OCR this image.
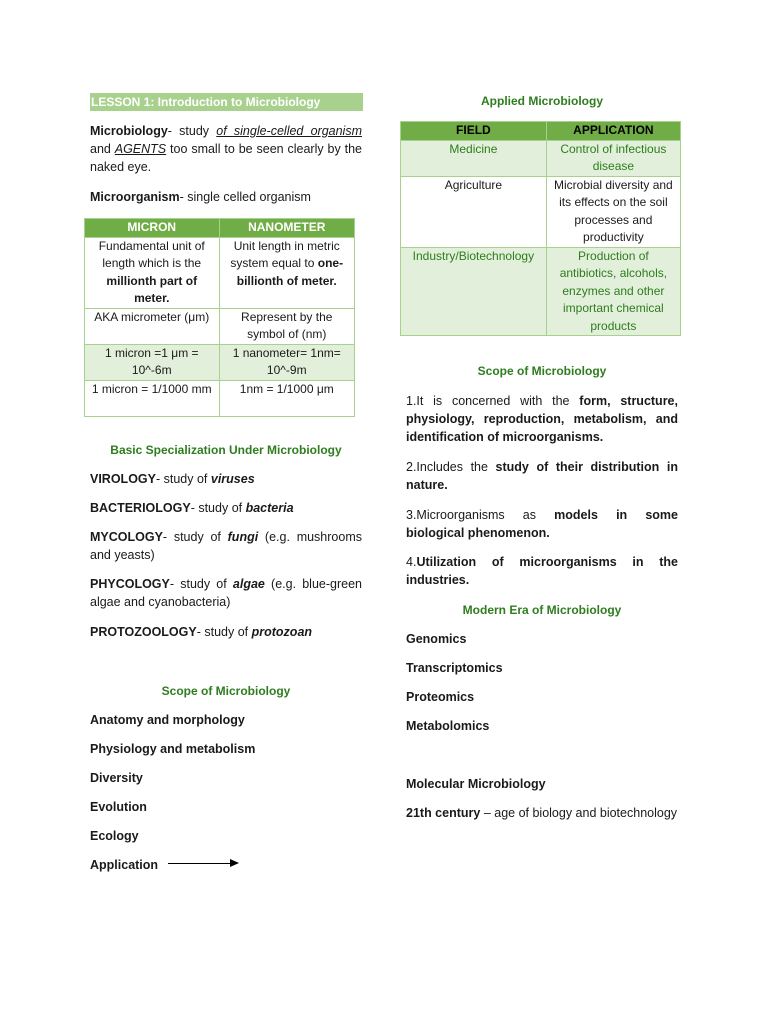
LESSON 1: Introduction to Microbiology
Microbiology- study of single-celled organism and AGENTS too small to be seen clearly by the naked eye.
Microorganism- single celled organism
MICRON	NANOMETER
Fundamental unit of length which is the millionth part of meter.	Unit length in metric system equal to one-billionth of meter.
AKA micrometer (μm)	Represent by the symbol of (nm)
1 micron =1 μm = 10^-6m	1 nanometer= 1nm= 10^-9m
1 micron = 1/1000 mm	1nm = 1/1000 μm
Basic Specialization Under Microbiology
VIROLOGY- study of viruses
BACTERIOLOGY- study of bacteria
MYCOLOGY- study of fungi (e.g. mushrooms and yeasts)
PHYCOLOGY- study of algae (e.g. blue-green algae and cyanobacteria)
PROTOZOOLOGY- study of protozoan
Scope of Microbiology
Anatomy and morphology
Physiology and metabolism
Diversity
Evolution
Ecology
Application
Applied Microbiology
FIELD	APPLICATION
Medicine	Control of infectious disease
Agriculture	Microbial diversity and its effects on the soil processes and productivity
Industry/Biotechnology	Production of antibiotics, alcohols, enzymes and other important chemical products
Scope of Microbiology
1.It is concerned with the form, structure, physiology, reproduction, metabolism, and identification of microorganisms.
2.Includes the study of their distribution in nature.
3.Microorganisms as models in some biological phenomenon.
4.Utilization of microorganisms in the industries.
Modern Era of Microbiology
Genomics
Transcriptomics
Proteomics
Metabolomics
Molecular Microbiology
21th century – age of biology and biotechnology
